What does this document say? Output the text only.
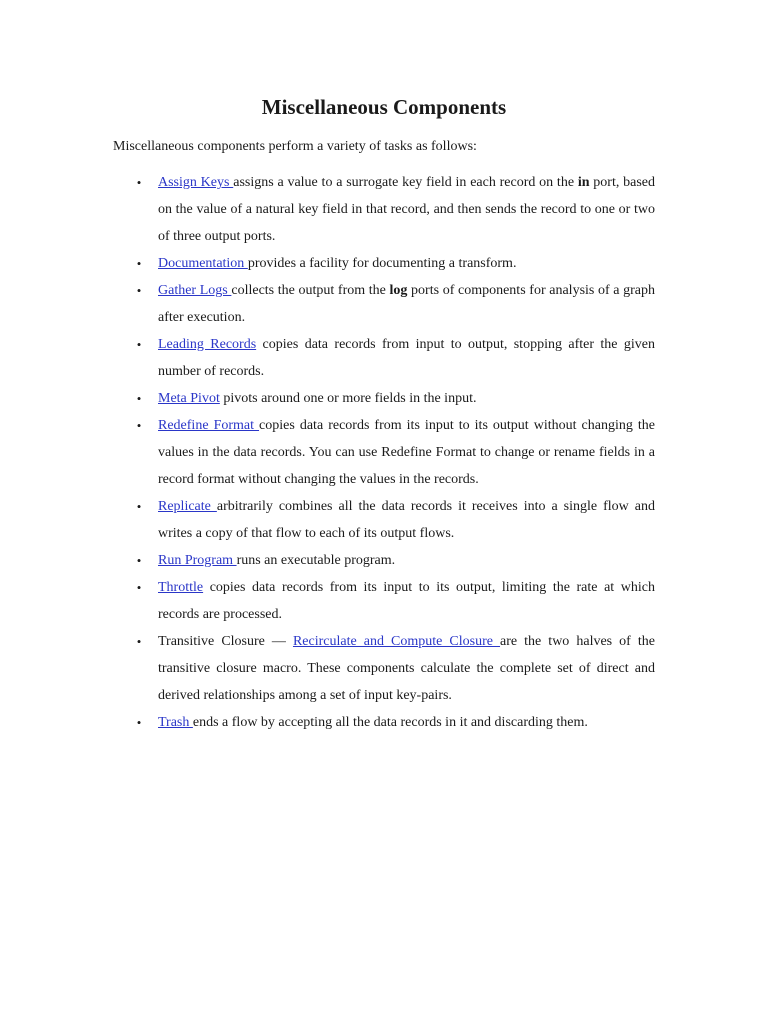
Miscellaneous Components

Miscellaneous components perform a variety of tasks as follows:

• Assign Keys assigns a value to a surrogate key field in each record on the in port, based on the value of a natural key field in that record, and then sends the record to one or two of three output ports.
• Documentation provides a facility for documenting a transform.
• Gather Logs collects the output from the log ports of components for analysis of a graph after execution.
• Leading Records copies data records from input to output, stopping after the given number of records.
• Meta Pivot pivots around one or more fields in the input.
• Redefine Format copies data records from its input to its output without changing the values in the data records. You can use Redefine Format to change or rename fields in a record format without changing the values in the records.
• Replicate arbitrarily combines all the data records it receives into a single flow and writes a copy of that flow to each of its output flows.
• Run Program runs an executable program.
• Throttle copies data records from its input to its output, limiting the rate at which records are processed.
• Transitive Closure — Recirculate and Compute Closure are the two halves of the transitive closure macro. These components calculate the complete set of direct and derived relationships among a set of input key-pairs.
• Trash ends a flow by accepting all the data records in it and discarding them.
